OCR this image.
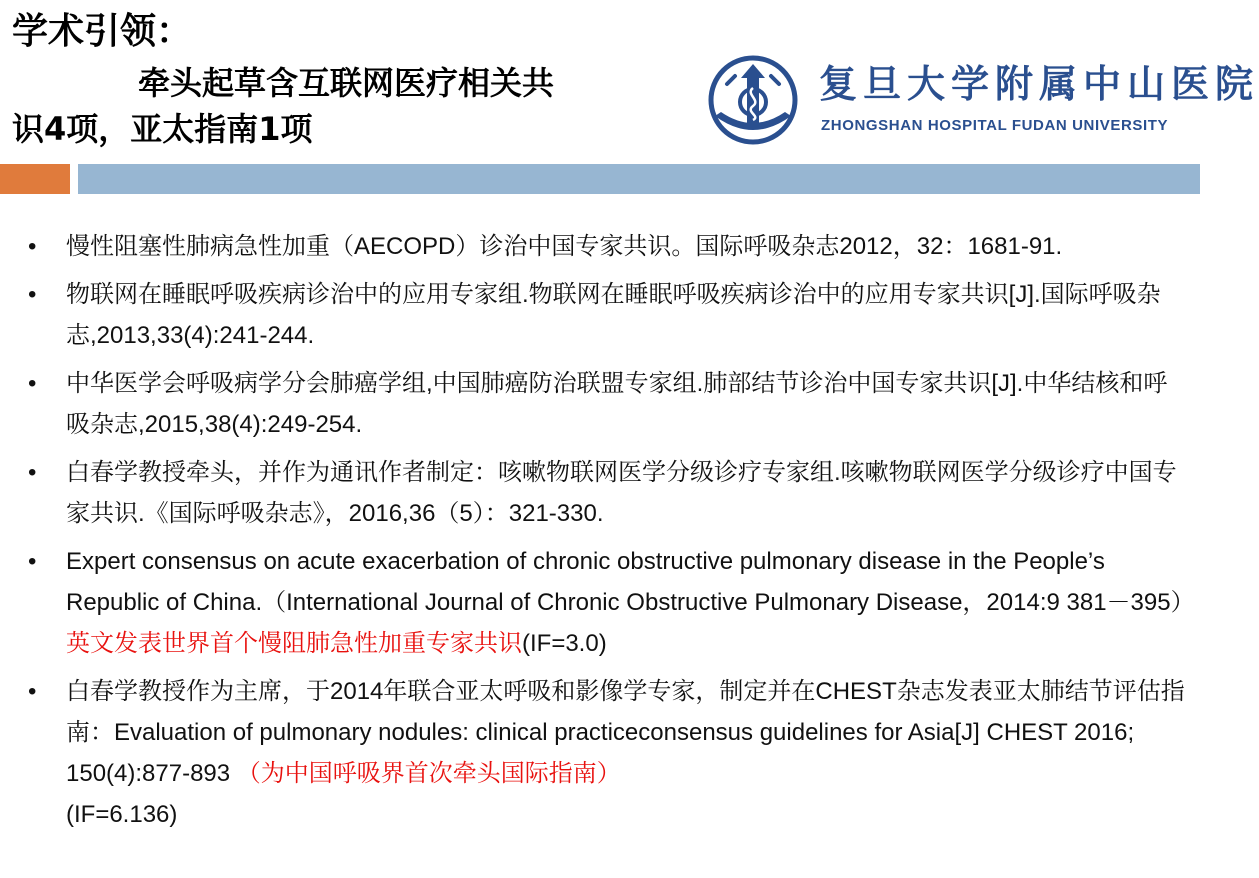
学术引领：
牵头起草含互联网医疗相关共
识4项，亚太指南1项
复旦大学附属中山医院
ZHONGSHAN HOSPITAL FUDAN UNIVERSITY
• 慢性阻塞性肺病急性加重（AECOPD）诊治中国专家共识。国际呼吸杂志2012，32：1681-91.
• 物联网在睡眠呼吸疾病诊治中的应用专家组.物联网在睡眠呼吸疾病诊治中的应用专家共识[J].国际呼吸杂志,2013,33(4):241-244.
• 中华医学会呼吸病学分会肺癌学组,中国肺癌防治联盟专家组.肺部结节诊治中国专家共识[J].中华结核和呼吸杂志,2015,38(4):249-254.
• 白春学教授牵头，并作为通讯作者制定：咳嗽物联网医学分级诊疗专家组.咳嗽物联网医学分级诊疗中国专家共识.《国际呼吸杂志》，2016,36（5）：321-330.
• Expert consensus on acute exacerbation of chronic obstructive pulmonary disease in the People’s Republic of China.（International Journal of Chronic Obstructive Pulmonary Disease，2014:9 381－395）英文发表世界首个慢阻肺急性加重专家共识(IF=3.0)
• 白春学教授作为主席，于2014年联合亚太呼吸和影像学专家，制定并在CHEST杂志发表亚太肺结节评估指南：Evaluation of pulmonary nodules: clinical practiceconsensus guidelines for Asia[J] CHEST 2016; 150(4):877-893 （为中国呼吸界首次牵头国际指南）
(IF=6.136)
